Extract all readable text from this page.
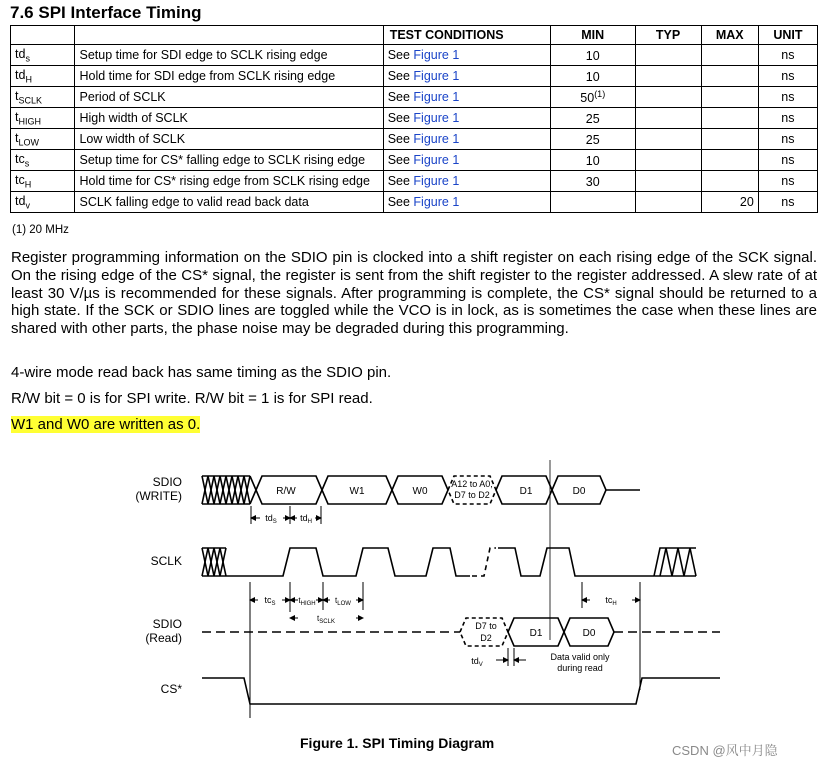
7.6 SPI Interface Timing
		TEST CONDITIONS	MIN	TYP	MAX	UNIT
$td_s$	Setup time for SDI edge to SCLK rising edge	See Figure 1	10			ns
$td_H$	Hold time for SDI edge from SCLK rising edge	See Figure 1	10			ns
$t_{SCLK}$	Period of SCLK	See Figure 1	50$^{(1)}$			ns
$t_{HIGH}$	High width of SCLK	See Figure 1	25			ns
$t_{LOW}$	Low width of SCLK	See Figure 1	25			ns
$tc_s$	Setup time for CS* falling edge to SCLK rising edge	See Figure 1	10			ns
$tc_H$	Hold time for CS* rising edge from SCLK rising edge	See Figure 1	30			ns
$td_v$	SCLK falling edge to valid read back data	See Figure 1			20	ns
(1) 20 MHz
Register programming information on the SDIO pin is clocked into a shift register on each rising edge of the SCK signal. On the rising edge of the CS* signal, the register is sent from the shift register to the register addressed. A slew rate of at least 30 V/µs is recommended for these signals. After programming is complete, the CS* signal should be returned to a high state. If the SCK or SDIO lines are toggled while the VCO is in lock, as is sometimes the case when these lines are shared with other parts, the phase noise may be degraded during this programming.
4-wire mode read back has same timing as the SDIO pin.
R/W bit = 0 is for SPI write. R/W bit = 1 is for SPI read.
W1 and W0 are written as 0.
SDIO
(WRITE)
SCLK
SDIO
(Read)
CS*
R/W	W1	W0
A12 to A0,
D7 to D2	D1	D0
$td_S$	$td_H$
$tc_S$	$t_{HIGH}$ $t_{LOW}$
$t_{SCLK}$
$tc_H$
D7 to
D2	D1	D0
$td_V$
Data valid only
during read
Figure 1. SPI Timing Diagram	CSDN @风中月隐
